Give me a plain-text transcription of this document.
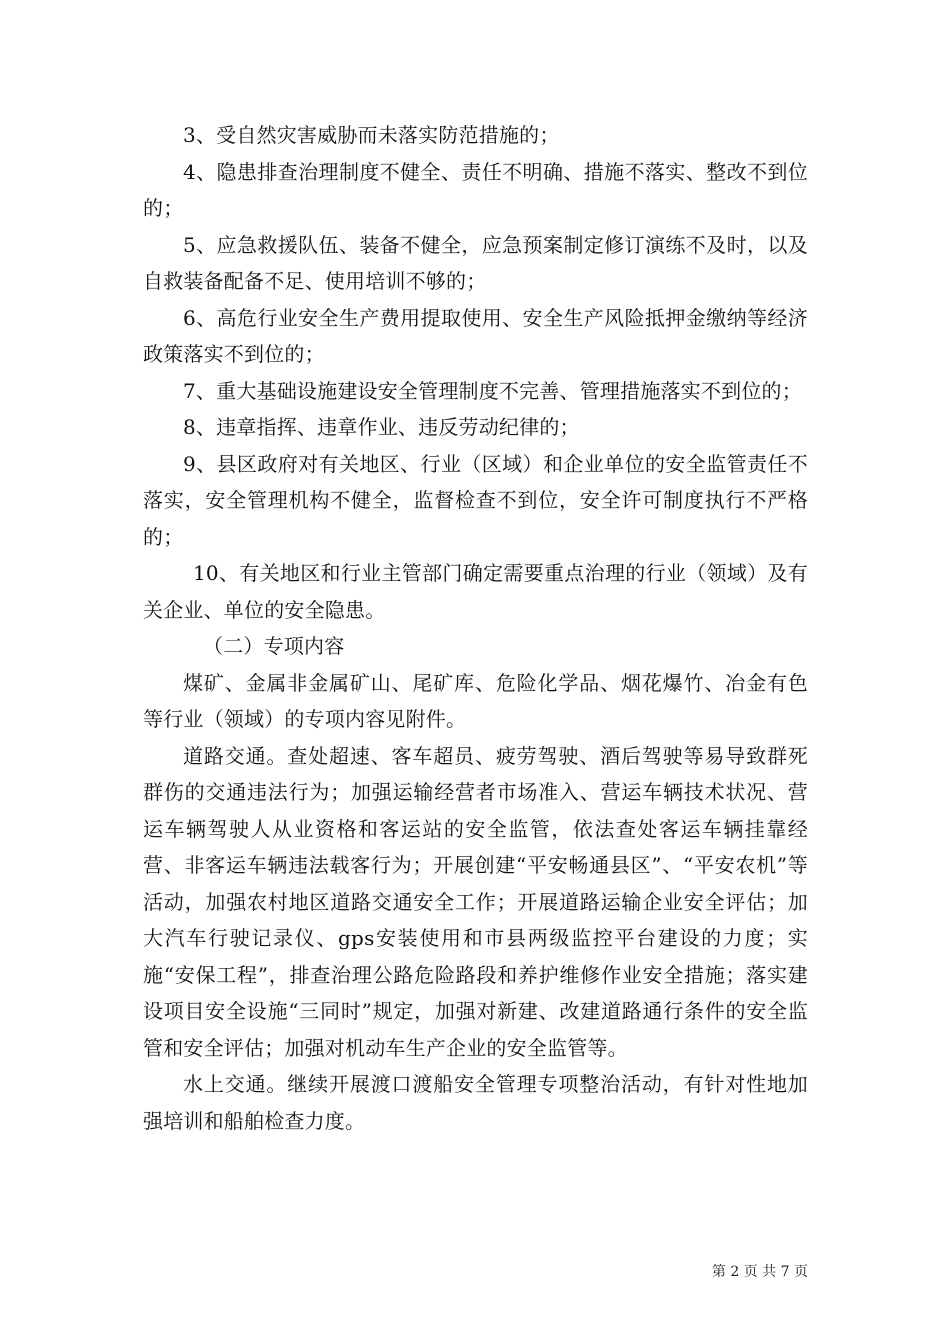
3、受自然灾害威胁而未落实防范措施的；

4、隐患排查治理制度不健全、责任不明确、措施不落实、整改不到位的；

5、应急救援队伍、装备不健全，应急预案制定修订演练不及时，以及自救装备配备不足、使用培训不够的；

6、高危行业安全生产费用提取使用、安全生产风险抵押金缴纳等经济政策落实不到位的；

7、重大基础设施建设安全管理制度不完善、管理措施落实不到位的；

8、违章指挥、违章作业、违反劳动纪律的；

9、县区政府对有关地区、行业（区域）和企业单位的安全监管责任不落实，安全管理机构不健全，监督检查不到位，安全许可制度执行不严格的；

10、有关地区和行业主管部门确定需要重点治理的行业（领域）及有关企业、单位的安全隐患。

（二）专项内容

煤矿、金属非金属矿山、尾矿库、危险化学品、烟花爆竹、冶金有色等行业（领域）的专项内容见附件。

道路交通。查处超速、客车超员、疲劳驾驶、酒后驾驶等易导致群死群伤的交通违法行为；加强运输经营者市场准入、营运车辆技术状况、营运车辆驾驶人从业资格和客运站的安全监管，依法查处客运车辆挂靠经营、非客运车辆违法载客行为；开展创建“平安畅通县区”、“平安农机”等活动，加强农村地区道路交通安全工作；开展道路运输企业安全评估；加大汽车行驶记录仪、gps安装使用和市县两级监控平台建设的力度；实施“安保工程”，排查治理公路危险路段和养护维修作业安全措施；落实建设项目安全设施“三同时”规定，加强对新建、改建道路通行条件的安全监管和安全评估；加强对机动车生产企业的安全监管等。

水上交通。继续开展渡口渡船安全管理专项整治活动，有针对性地加强培训和船舶检查力度。

第 2 页 共 7 页
